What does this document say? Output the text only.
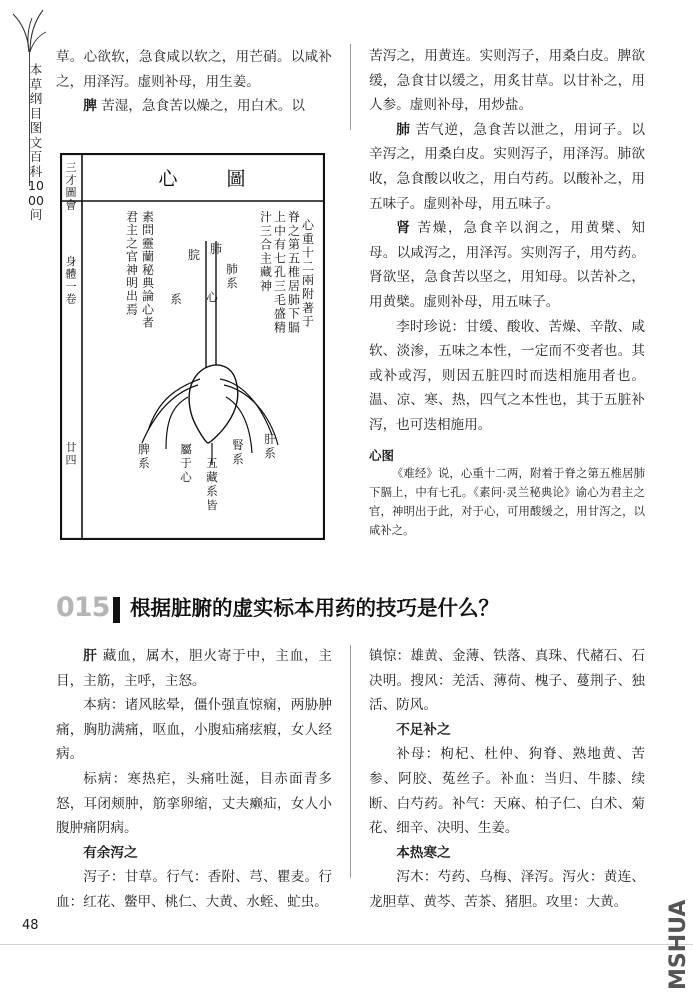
本草纲目图文百科1000问

草。心欲软，急食咸以软之，用芒硝。以咸补之，用泽泻。虚则补母，用生姜。

脾 苦湿，急食苦以燥之，用白术。以

三才圖會
身體一卷
廿四
心	圖
心重十二兩附著于
脊之第五椎居肺下膈
上中有七孔三毛盛精
汁三合主藏神
素問靈蘭秘典論心者
君主之官神明出焉
脘 肺
肺系
心
系
脾系
屬于心
五藏系皆
腎系
肝系

苦泻之，用黄连。实则泻子，用桑白皮。脾欲缓，急食甘以缓之，用炙甘草。以甘补之，用人参。虚则补母，用炒盐。

肺 苦气逆，急食苦以泄之，用诃子。以辛泻之，用桑白皮。实则泻子，用泽泻。肺欲收，急食酸以收之，用白芍药。以酸补之，用五味子。虚则补母，用五味子。

肾 苦燥，急食辛以润之，用黄檗、知母。以咸泻之，用泽泻。实则泻子，用芍药。肾欲坚，急食苦以坚之，用知母。以苦补之，用黄檗。虚则补母，用五味子。

李时珍说：甘缓、酸收、苦燥、辛散、咸软、淡渗，五味之本性，一定而不变者也。其或补或泻，则因五脏四时而迭相施用者也。温、凉、寒、热，四气之本性也，其于五脏补泻，也可迭相施用。

心图
《难经》说，心重十二两，附着于脊之第五椎居肺下膈上，中有七孔。《素问·灵兰秘典论》谕心为君主之官，神明出于此，对于心，可用酸缓之，用甘泻之，以咸补之。
015 根据脏腑的虚实标本用药的技巧是什么？

肝 藏血，属木，胆火寄于中，主血，主目，主筋，主呼，主怒。

本病：诸风眩晕，僵仆强直惊痫，两胁肿痛，胸肋满痛，呕血，小腹疝痛痃瘕，女人经病。

标病：寒热疟，头痛吐涎，目赤面青多怒，耳闭颊肿，筋挛卵缩，丈夫癞疝，女人小腹肿痛阴病。

有余泻之

泻子：甘草。行气：香附、芎、瞿麦。行血：红花、鳖甲、桃仁、大黄、水蛭、虻虫。

镇惊：雄黄、金薄、铁落、真珠、代赭石、石决明。搜风：羌活、薄荷、槐子、蔓荆子、独活、防风。

不足补之

补母：枸杞、杜仲、狗脊、熟地黄、苦参、阿胶、菟丝子。补血：当归、牛膝、续断、白芍药。补气：天麻、柏子仁、白术、菊花、细辛、决明、生姜。

本热寒之

泻木：芍药、乌梅、泽泻。泻火：黄连、龙胆草、黄芩、苦茶、猪胆。攻里：大黄。

48	MSHUA
